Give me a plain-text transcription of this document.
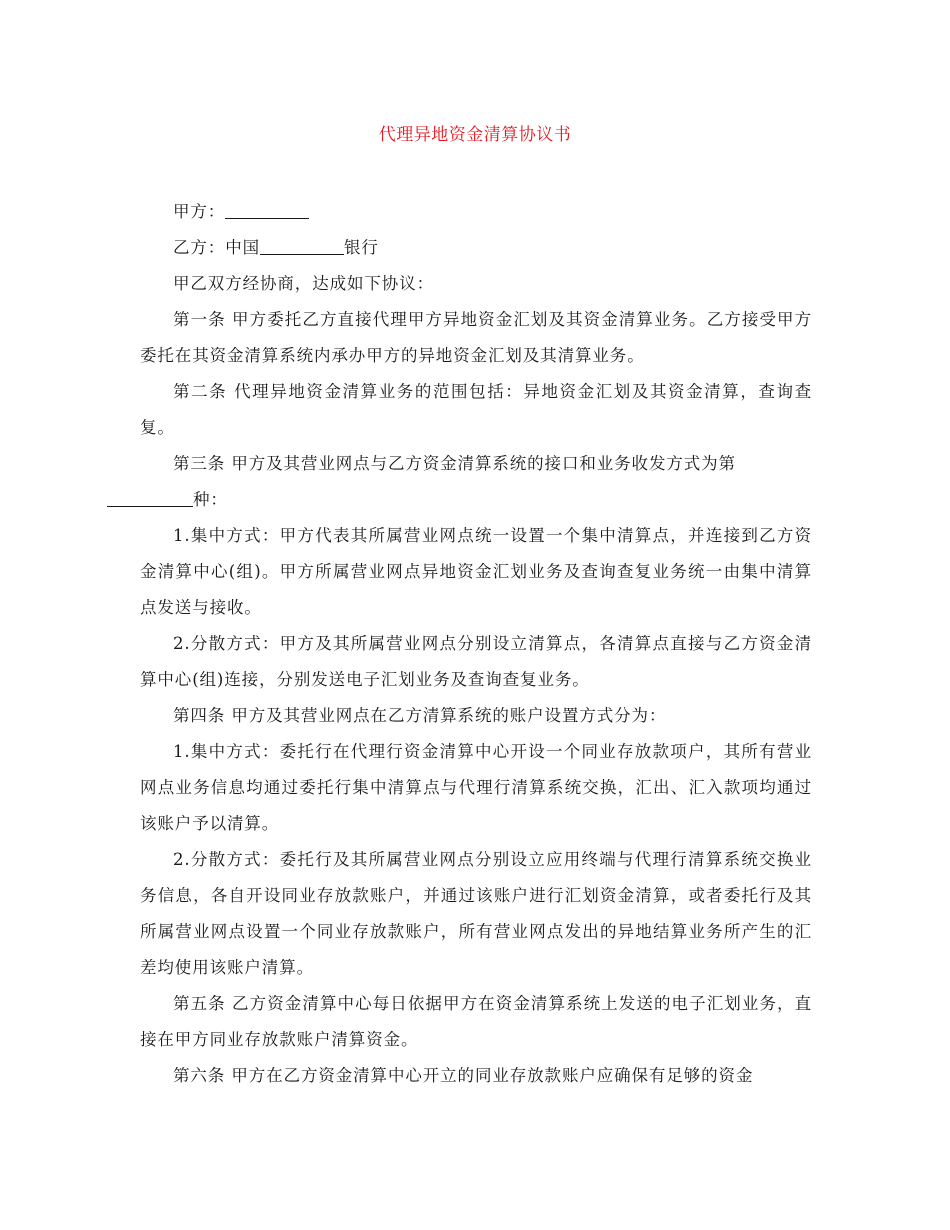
代理异地资金清算协议书

甲方：

乙方：中国	银行

甲乙双方经协商，达成如下协议：

第一条 甲方委托乙方直接代理甲方异地资金汇划及其资金清算业务。乙方接受甲方委托在其资金清算系统内承办甲方的异地资金汇划及其清算业务。

第二条 代理异地资金清算业务的范围包括：异地资金汇划及其资金清算，查询查复。

第三条 甲方及其营业网点与乙方资金清算系统的接口和业务收发方式为第
种：

1.集中方式：甲方代表其所属营业网点统一设置一个集中清算点，并连接到乙方资金清算中心(组)。甲方所属营业网点异地资金汇划业务及查询查复业务统一由集中清算点发送与接收。

2.分散方式：甲方及其所属营业网点分别设立清算点，各清算点直接与乙方资金清算中心(组)连接，分别发送电子汇划业务及查询查复业务。

第四条 甲方及其营业网点在乙方清算系统的账户设置方式分为：

1.集中方式：委托行在代理行资金清算中心开设一个同业存放款项户，其所有营业网点业务信息均通过委托行集中清算点与代理行清算系统交换，汇出、汇入款项均通过该账户予以清算。

2.分散方式：委托行及其所属营业网点分别设立应用终端与代理行清算系统交换业务信息，各自开设同业存放款账户，并通过该账户进行汇划资金清算，或者委托行及其所属营业网点设置一个同业存放款账户，所有营业网点发出的异地结算业务所产生的汇差均使用该账户清算。

第五条 乙方资金清算中心每日依据甲方在资金清算系统上发送的电子汇划业务，直接在甲方同业存放款账户清算资金。

第六条 甲方在乙方资金清算中心开立的同业存放款账户应确保有足够的资金
